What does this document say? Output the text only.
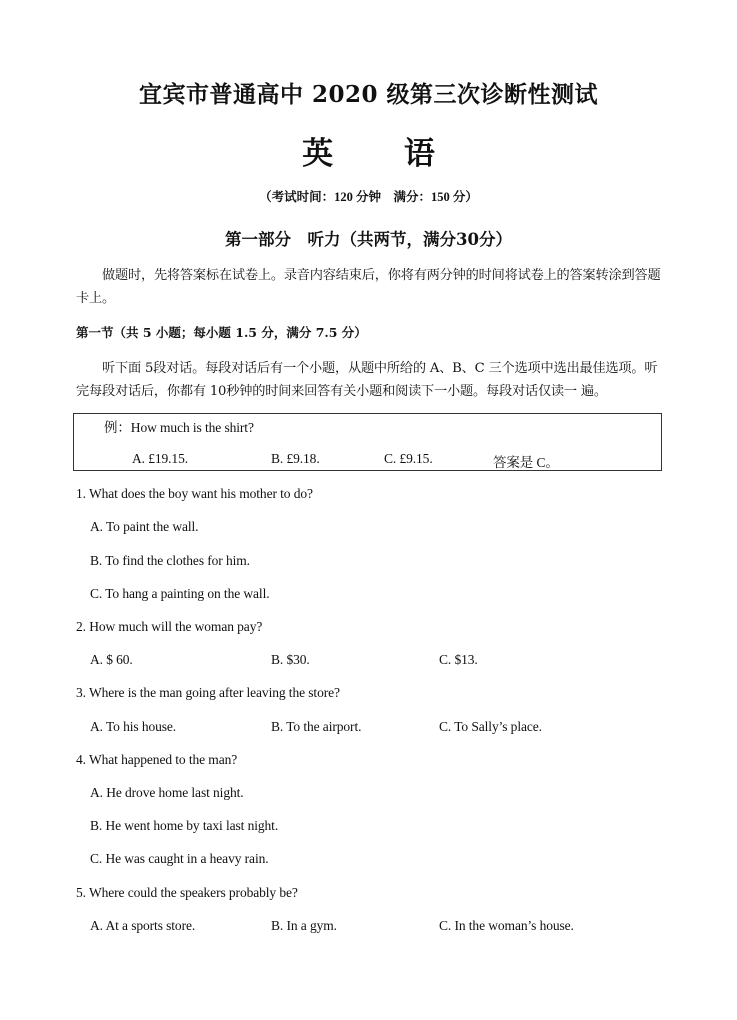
宜宾市普通高中 2020 级第三次诊断性测试
英 语
（考试时间：120 分钟　满分：150 分）
第一部分　听力（共两节，满分30分）
做题时，先将答案标在试卷上。录音内容结束后，你将有两分钟的时间将试卷上的答案转涂到答题卡上。
第一节（共 5 小题；每小题 1.5 分，满分 7.5 分）
听下面 5段对话。每段对话后有一个小题，从题中所给的 A、B、C 三个选项中选出最佳选项。听完每段对话后，你都有 10秒钟的时间来回答有关小题和阅读下一小题。每段对话仅读一 遍。
例：How much is the shirt?
A. £19.15.	B. £9.18.	C. £9.15.	答案是 C。
1. What does the boy want his mother to do?
A. To paint the wall.
B. To find the clothes for him.
C. To hang a painting on the wall.
2. How much will the woman pay?
A. $ 60.	B. $30.	C. $13.
3. Where is the man going after leaving the store?
A. To his house.	B. To the airport.	C. To Sally’s place.
4. What happened to the man?
A. He drove home last night.
B. He went home by taxi last night.
C. He was caught in a heavy rain.
5. Where could the speakers probably be?
A. At a sports store.	B. In a gym.	C. In the woman’s house.
